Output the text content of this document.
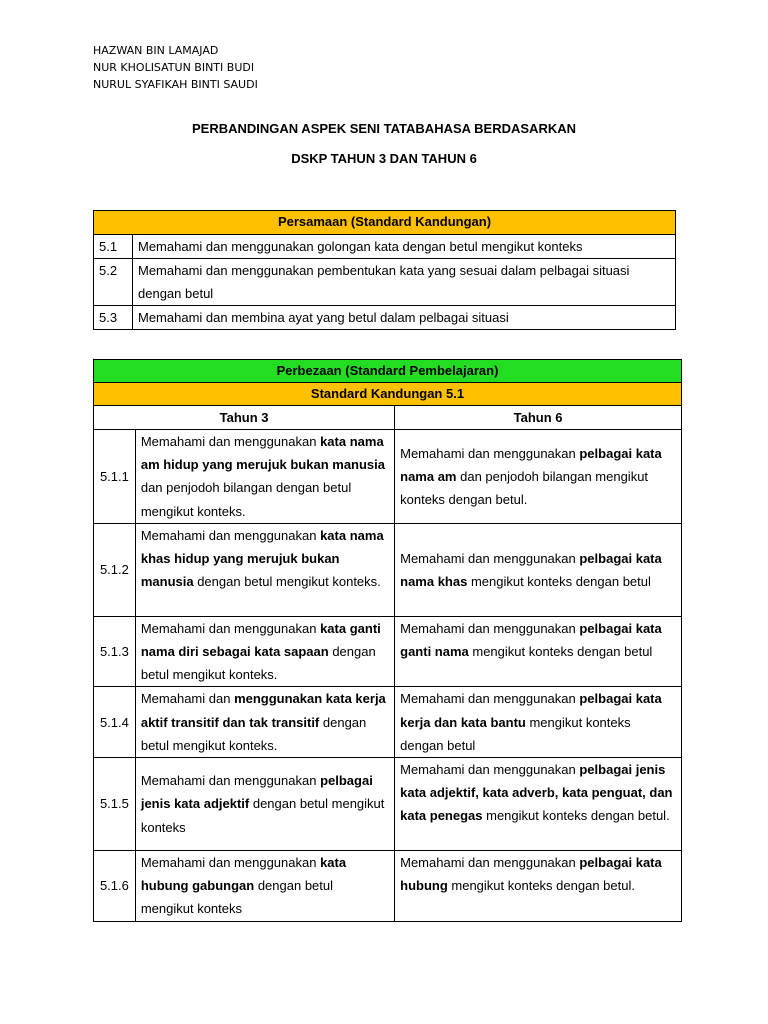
HAZWAN BIN LAMAJAD
NUR KHOLISATUN BINTI BUDI
NURUL SYAFIKAH BINTI SAUDI
PERBANDINGAN ASPEK SENI TATABAHASA BERDASARKAN
DSKP TAHUN 3 DAN TAHUN 6
Persamaan (Standard Kandungan)	
5.1	Memahami dan menggunakan golongan kata dengan betul mengikut konteks
5.2	Memahami dan menggunakan pembentukan kata yang sesuai dalam pelbagai situasi dengan betul
5.3	Memahami dan membina ayat yang betul dalam pelbagai situasi
Perbezaan (Standard Pembelajaran)		
Standard Kandungan 5.1		
Tahun 3		Tahun 6
5.1.1	Memahami dan menggunakan kata nama am hidup yang merujuk bukan manusia dan penjodoh bilangan dengan betul mengikut konteks.	Memahami dan menggunakan pelbagai kata nama am dan penjodoh bilangan mengikut konteks dengan betul.
5.1.2	Memahami dan menggunakan kata nama khas hidup yang merujuk bukan manusia dengan betul mengikut konteks.	Memahami dan menggunakan pelbagai kata nama khas mengikut konteks dengan betul
5.1.3	Memahami dan menggunakan kata ganti nama diri sebagai kata sapaan dengan betul mengikut konteks.	Memahami dan menggunakan pelbagai kata ganti nama mengikut konteks dengan betul
5.1.4	Memahami dan menggunakan kata kerja aktif transitif dan tak transitif dengan betul mengikut konteks.	Memahami dan menggunakan pelbagai kata kerja dan kata bantu mengikut konteks dengan betul
5.1.5	Memahami dan menggunakan pelbagai jenis kata adjektif dengan betul mengikut konteks	Memahami dan menggunakan pelbagai jenis kata adjektif, kata adverb, kata penguat, dan kata penegas mengikut konteks dengan betul.
5.1.6	Memahami dan menggunakan kata hubung gabungan dengan betul mengikut konteks	Memahami dan menggunakan pelbagai kata hubung mengikut konteks dengan betul.
